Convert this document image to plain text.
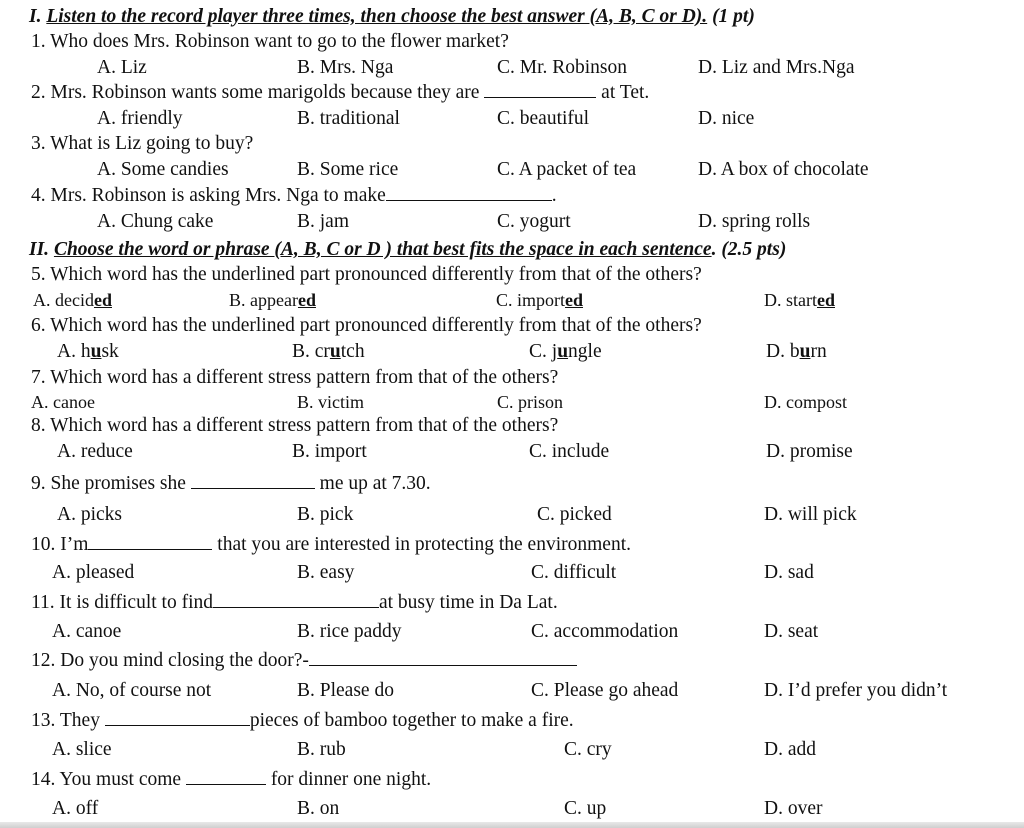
I. Listen to the record player three times, then choose the best answer (A, B, C or D). (1 pt)
1. Who does Mrs. Robinson want to go to the flower market?
A. Liz	B. Mrs. Nga	C. Mr. Robinson	D. Liz and Mrs.Nga
2. Mrs. Robinson wants some marigolds because they are	at Tet.
A. friendly	B. traditional	C. beautiful	D. nice
3. What is Liz going to buy?
A. Some candies	B. Some rice	C. A packet of tea	D. A box of chocolate
4. Mrs. Robinson is asking Mrs. Nga to make	.
A. Chung cake	B. jam	C. yogurt	D. spring rolls
II. Choose the word or phrase (A, B, C or D ) that best fits the space in each sentence. (2.5 pts)
5. Which word has the underlined part pronounced differently from that of the others?
A. decided	B. appeared	C. imported	D. started
6. Which word has the underlined part pronounced differently from that of the others?
A. husk	B. crutch	C. jungle	D. burn
7. Which word has a different stress pattern from that of the others?
A. canoe	B. victim	C. prison	D. compost
8. Which word has a different stress pattern from that of the others?
A. reduce	B. import	C. include	D. promise
9. She promises she	me up at 7.30.
A. picks	B. pick	C. picked	D. will pick
10. I’m	that you are interested in protecting the environment.
A. pleased	B. easy	C. difficult	D. sad
11. It is difficult to find	at busy time in Da Lat.
A. canoe	B. rice paddy	C. accommodation	D. seat
12. Do you mind closing the door?-
A. No, of course not	B. Please do	C. Please go ahead	D. I’d prefer you didn’t
13. They	pieces of bamboo together to make a fire.
A. slice	B. rub	C. cry	D. add
14. You must come	for dinner one night.
A. off	B. on	C. up	D. over
